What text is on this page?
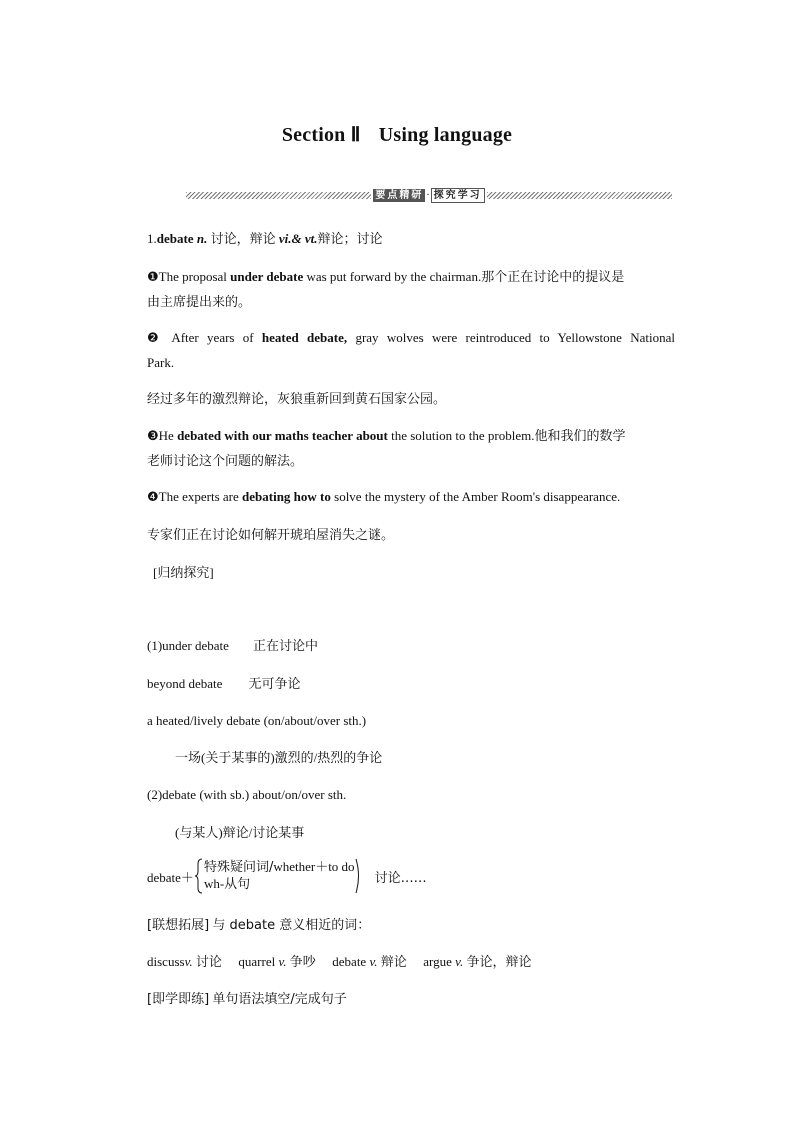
Section Ⅱ Using language
要点精研 · 探究学习
1.debate n. 讨论，辩论 vi.& vt.辩论；讨论
❶The proposal under debate was put forward by the chairman.那个正在讨论中的提议是
由主席提出来的。
❷ After years of heated debate, gray wolves were reintroduced to Yellowstone National
Park.
经过多年的激烈辩论，灰狼重新回到黄石国家公园。
❸He debated with our maths teacher about the solution to the problem.他和我们的数学
老师讨论这个问题的解法。
❹The experts are debating how to solve the mystery of the Amber Room's disappearance.
专家们正在讨论如何解开琥珀屋消失之谜。
[归纳探究]
(1)under debate 正在讨论中
beyond debate 无可争论
a heated/lively debate (on/about/over sth.)
一场(关于某事的)激烈的/热烈的争论
(2)debate (with sb.) about/on/over sth.
(与某人)辩论/讨论某事
debate＋
特殊疑问词/whether＋to do
wh-从句	讨论……
[联想拓展] 与 debate 意义相近的词：
discussv. 讨论 quarrel v. 争吵 debate v. 辩论 argue v. 争论，辩论
[即学即练] 单句语法填空/完成句子
